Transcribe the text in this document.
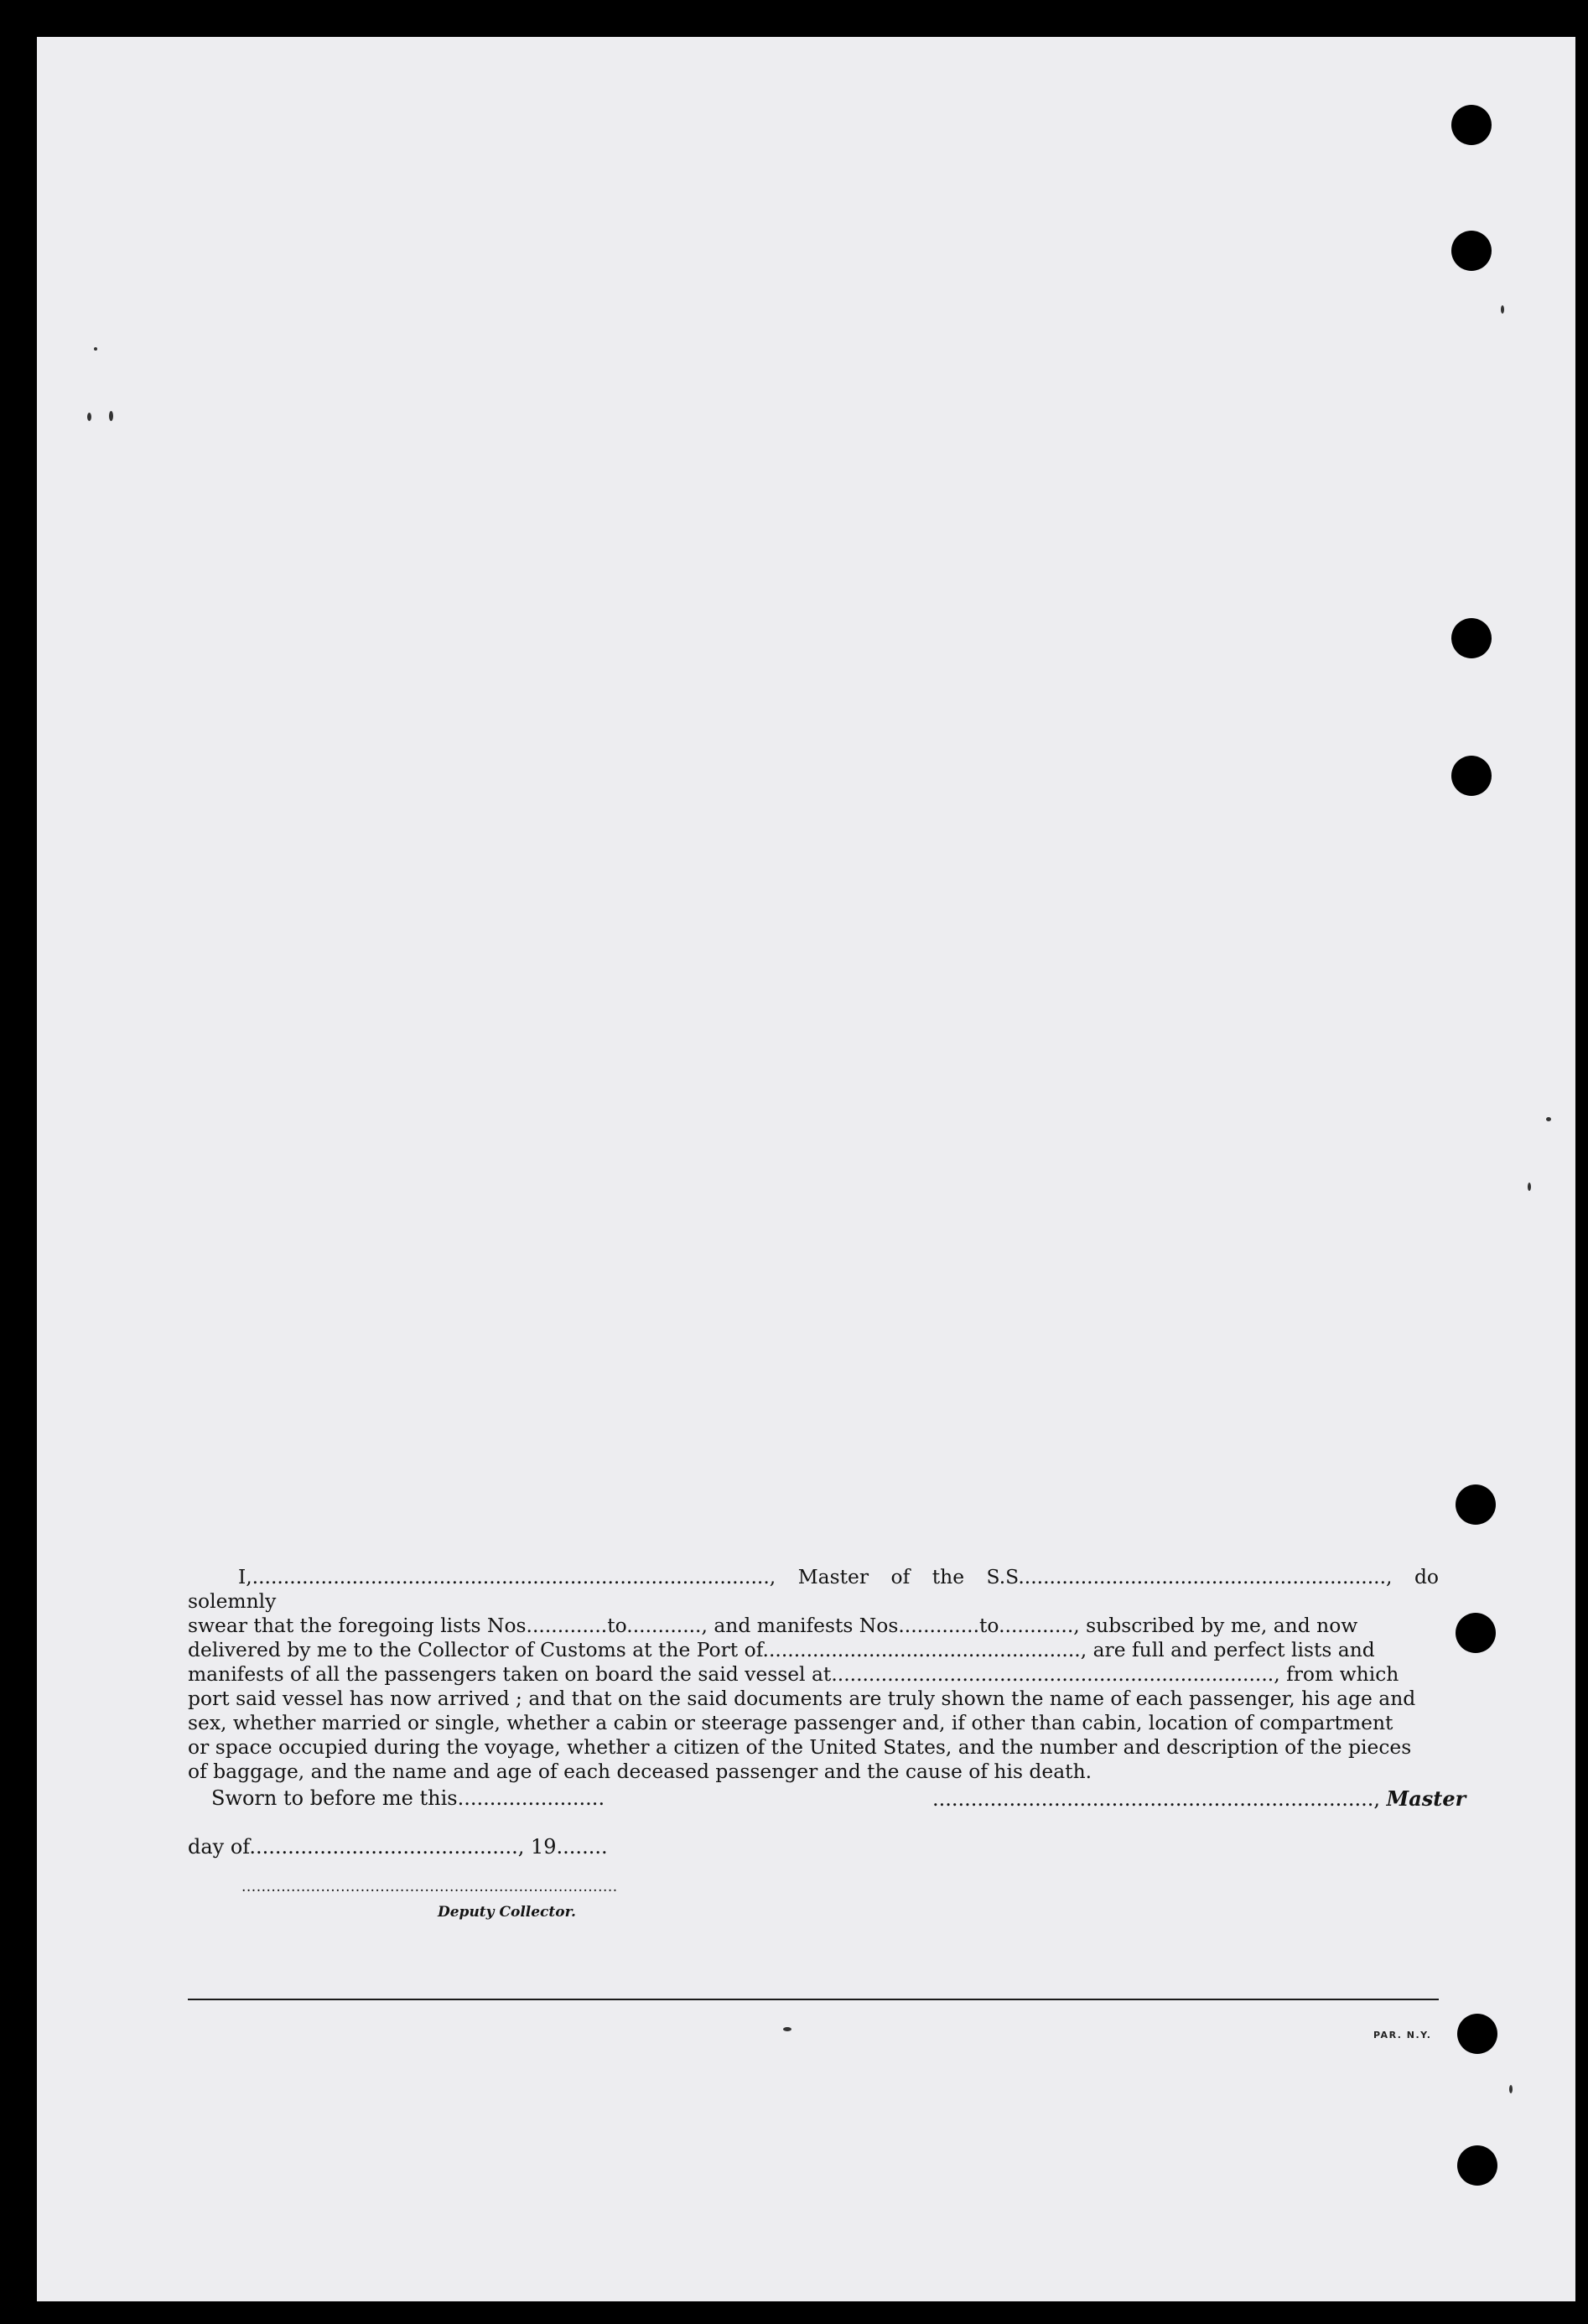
I,..................................................................................., Master of the S.S..........................................................., do solemnly
swear that the foregoing lists Nos.............to............, and manifests Nos.............to............, subscribed by me, and now
delivered by me to the Collector of Customs at the Port of..................................................., are full and perfect lists and
manifests of all the passengers taken on board the said vessel at......................................................................., from which
port said vessel has now arrived ; and that on the said documents are truly shown the name of each passenger, his age and
sex, whether married or single, whether a cabin or steerage passenger and, if other than cabin, location of compartment
or space occupied during the voyage, whether a citizen of the United States, and the number and description of the pieces
of baggage, and the name and age of each deceased passenger and the cause of his death.
Sworn to before me this.......................	....................................................................., Master
day of.........................................., 19........
............................................................................
Deputy Collector.
PAR. N.Y.
